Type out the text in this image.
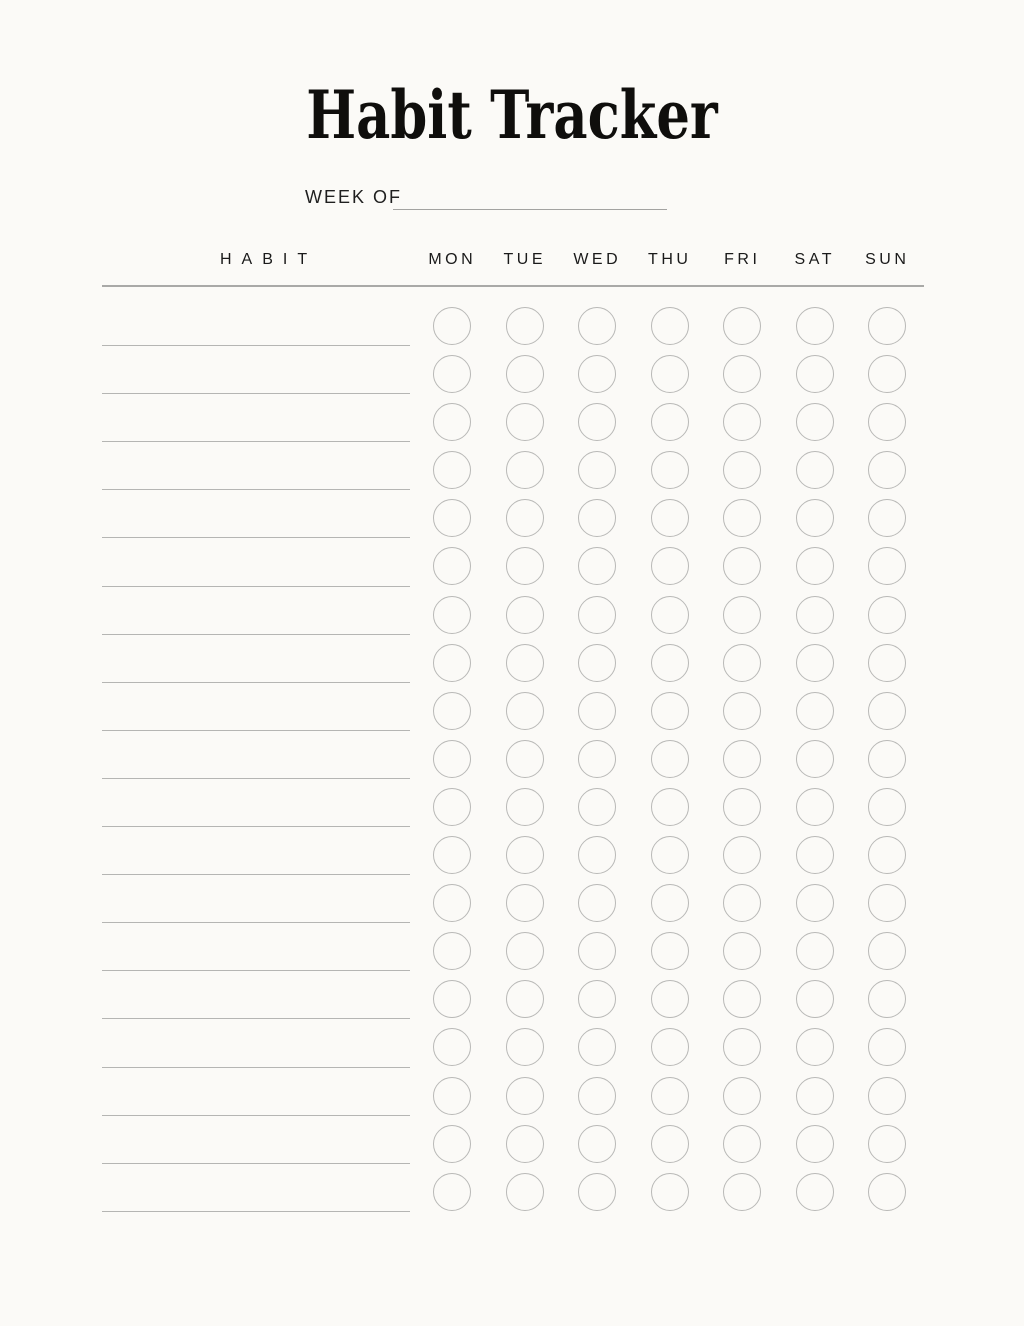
Habit Tracker
WEEK OF
HABIT	MON	TUE	WED	THU	FRI	SAT	SUN
